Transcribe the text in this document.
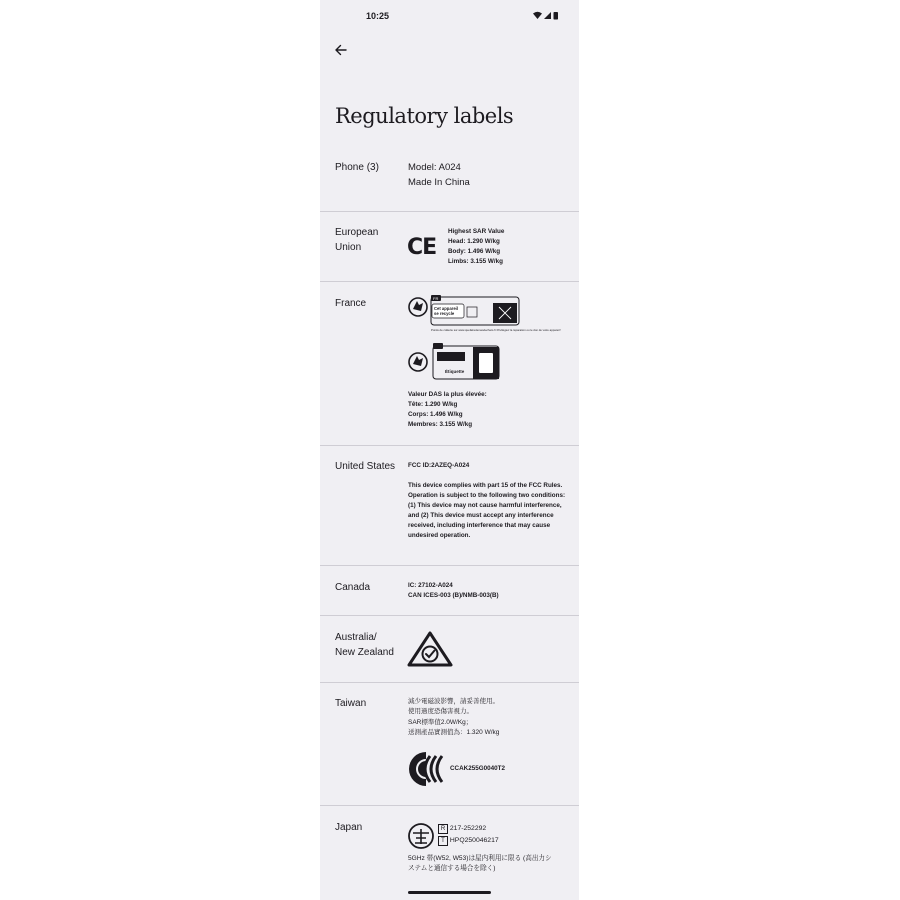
10:25
Regulatory labels
Phone (3)	Model: A024
Made In China
European
Union	CE
Highest SAR Value
Head: 1.290 W/kg
Body: 1.496 W/kg
Limbs: 3.155 W/kg
France	FR
Cet appareil
se recycle
Points de collecte sur www.quefairedemesdechets.fr Privilégiez la réparation ou le don de votre appareil !
Étiquette
Valeur DAS la plus élevée:
Tête: 1.290 W/kg
Corps: 1.496 W/kg
Membres: 3.155 W/kg
United States FCC ID:2AZEQ-A024
This device complies with part 15 of the FCC Rules. Operation is subject to the following two conditions: (1) This device may not cause harmful interference, and (2) This device must accept any interference received, including interference that may cause undesired operation.
Canada	IC: 27102-A024
CAN ICES-003 (B)/NMB-003(B)
Australia/
New Zealand
Taiwan	減少電磁波影響，請妥善使用。
使用過度恐傷害視力。
SAR標準值2.0W/Kg；
送測產品實測值為：1.320 W/kg
CCAK255G0040T2
Japan	R 217-252292
T HPQ250046217
5GHz 帯(W52, W53)は屋内利用に限る (高出力シ
ステムと通信する場合を除く)
